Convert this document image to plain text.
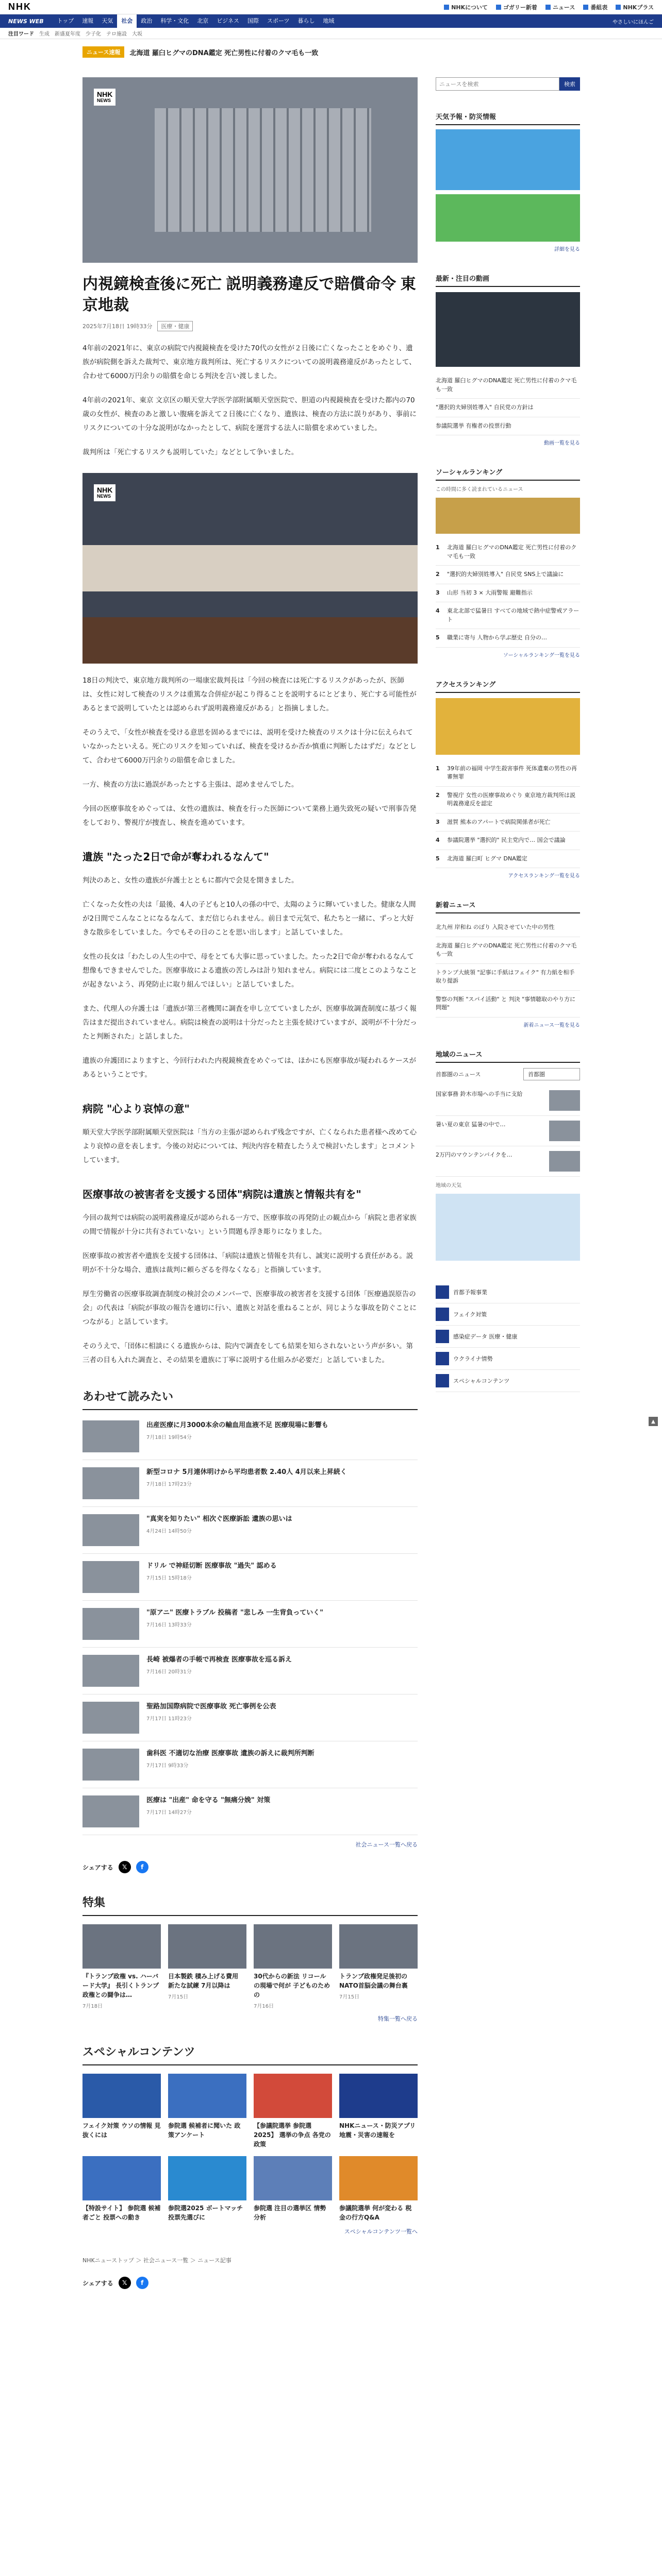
NHK	NHKについて	ゴガリー新着	ニュース	番組表	NHKプラス
NEWS WEB	トップ	速報	天気	社会	政治	科学・文化	北京	ビジネス	国際	スポーツ	暮らし	地域	やさしいにほんご
注目ワード 生成 新盛夏年度 少子化 テロ施設 大坂
ニュース速報	北海道 羅臼ヒグマのDNA鑑定 死亡男性に付着のクマ毛も一致
NHK
NEWS
内視鏡検査後に死亡 説明義務違反で賠償命令 東京地裁
2025年7月18日 19時33分	医療・健康

4年前の2021年に、東京の病院で内視鏡検査を受けた70代の女性が２日後に亡くなったことをめぐり、遺族が病院側を訴えた裁判で、東京地方裁判所は、死亡するリスクについての説明義務違反があったとして、合わせて6000万円余りの賠償を命じる判決を言い渡しました。

4年前の2021年、東京 文京区の順天堂大学医学部附属順天堂医院で、胆道の内視鏡検査を受けた都内の70歳の女性が、検査のあと激しい腹痛を訴えて２日後に亡くなり、遺族は、検査の方法に誤りがあり、事前にリスクについての十分な説明がなかったとして、病院を運営する法人に賠償を求めていました。

裁判所は「死亡するリスクも説明していた」などとして争いました。

NHK
NEWS

18日の判決で、東京地方裁判所の一場康宏裁判長は「今回の検査には死亡するリスクがあったが、医師は、女性に対して検査のリスクは重篤な合併症が起こり得ることを説明するにとどまり、死亡する可能性があるとまで説明していたとは認められず説明義務違反がある」と指摘しました。

そのうえで、「女性が検査を受ける意思を固めるまでには、説明を受けた検査のリスクは十分に伝えられていなかったといえる。死亡のリスクを知っていれば、検査を受けるか否か慎重に判断したはずだ」などとして、合わせて6000万円余りの賠償を命じました。

一方、検査の方法に過誤があったとする主張は、認めませんでした。

今回の医療事故をめぐっては、女性の遺族は、検査を行った医師について業務上過失致死の疑いで刑事告発をしており、警視庁が捜査し、検査を進めています。

遺族 "たった2日で命が奪われるなんて"

判決のあと、女性の遺族が弁護士とともに都内で会見を開きました。

亡くなった女性の夫は「最後、4人の子どもと10人の孫の中で、太陽のように輝いていました。健康な人間が2日間でこんなことになるなんて、まだ信じられません。前日まで元気で、私たちと一緒に、ずっと大好きな散歩をしていました。今でもその日のことを思い出します」と話していました。

女性の長女は「わたしの人生の中で、母をとても大事に思っていました。たった2日で命が奪われるなんて想像もできませんでした。医療事故による遺族の苦しみは計り知れません。病院には二度とこのようなことが起きないよう、再発防止に取り組んでほしい」と話していました。

また、代理人の弁護士は「遺族が第三者機関に調査を申し立てていましたが、医療事故調査制度に基づく報告はまだ提出されていません。病院は検査の説明は十分だったと主張を続けていますが、説明が不十分だったと判断された」と話しました。

遺族の弁護団によりますと、今回行われた内視鏡検査をめぐっては、ほかにも医療事故が疑われるケースがあるということです。

病院 "心より哀悼の意"

順天堂大学医学部附属順天堂医院は「当方の主張が認められず残念ですが、亡くなられた患者様へ改めて心より哀悼の意を表します。今後の対応については、判決内容を精査したうえで検討いたします」とコメントしています。

医療事故の被害者を支援する団体"病院は遺族と情報共有を"

今回の裁判では病院の説明義務違反が認められる一方で、医療事故の再発防止の観点から「病院と患者家族の間で情報が十分に共有されていない」という問題も浮き彫りになりました。

医療事故の被害者や遺族を支援する団体は、「病院は遺族と情報を共有し、誠実に説明する責任がある。説明が不十分な場合、遺族は裁判に頼らざるを得なくなる」と指摘しています。

厚生労働省の医療事故調査制度の検討会のメンバーで、医療事故の被害者を支援する団体「医療過誤原告の会」の代表は「病院が事故の報告を適切に行い、遺族と対話を重ねることが、同じような事故を防ぐことにつながる」と話しています。

そのうえで、「団体に相談にくる遺族からは、院内で調査をしても結果を知らされないという声が多い。第三者の目も入れた調査と、その結果を遺族に丁寧に説明する仕組みが必要だ」と話していました。

あわせて読みたい
出産医療に月3000本余の輸血用血液不足 医療現場に影響も
7月18日 19時54分
新型コロナ 5月連休明けから平均患者数 2.40人 4月以来上昇続く
7月18日 17時23分
"真実を知りたい" 相次ぐ医療訴訟 遺族の思いは
4月24日 14時50分
ドリル で神経切断 医療事故 "過失" 認める
7月15日 15時18分
"原アニ" 医療トラブル 投稿者 "悲しみ 一生背負っていく"
7月16日 13時33分
長崎 被爆者の手帳で再検査 医療事故を巡る訴え
7月16日 20時31分
聖路加国際病院で医療事故 死亡事例を公表
7月17日 11時23分
歯科医 不適切な治療 医療事故 遺族の訴えに裁判所判断
7月17日 9時33分
医療は "出産" 命を守る "無痛分娩" 対策
7月17日 14時27分
社会ニュース一覧へ戻る
シェアする	𝕏	f
特集
『トランプ政権 vs. ハーバード大学』 長引くトランプ政権との闘争は…
7月18日
日本製鉄 積み上げる費用 新たな試練 7月以降は
7月15日
30代からの新法 リコールの現場で何が 子どものための
7月16日
トランプ政権発足後初のNATO首脳会議の舞台裏
7月15日
特集一覧へ戻る
スペシャルコンテンツ
フェイク対策 ウソの情報 見抜くには
参院選 候補者に聞いた 政策アンケート
【参議院選挙 参院選2025】 選挙の争点 各党の政策
NHKニュース・防災アプリ 地震・災害の速報を
【特設サイト】 参院選 候補者ごと 投票への動き
参院選2025 ボートマッチ 投票先選びに
参院選 注目の選挙区 情勢 分析
参議院選挙 何が変わる 税金の行方Q&A
スペシャルコンテンツ一覧へ
NHKニューストップ ＞ 社会ニュース一覧 ＞ ニュース記事
シェアする	𝕏	f
ニュースを検索
検索
天気予報・防災情報
詳細を見る
最新・注目の動画
北海道 羅臼ヒグマのDNA鑑定 死亡男性に付着のクマ毛も一致
"選択的夫婦別姓導入" 自民党の方針は
参議院選挙 有権者の投票行動
動画一覧を見る
ソーシャルランキング
この時間に多く読まれているニュース
1	北海道 羅臼ヒグマのDNA鑑定 死亡男性に付着のクマ毛も一致
2	"選択的夫婦別姓導入" 自民党 SNS上で議論に
3	山形 当初 3 × 大雨警報 避難指示
4	東北北部で猛暑日 すべての地域で熱中症警戒アラート
5	職業に寄与 人物から学ぶ歴史 自分の…
ソーシャルランキング一覧を見る
アクセスランキング
1	39年前の福岡 中学生殺害事件 死体遺棄の男性の再審無罪
2	警視庁 女性の医療事故めぐり 東京地方裁判所は説明義務違反を認定
3	滋賀 熊本のアパートで病院関係者が死亡
4	参議院選挙 "選択的" 民主党内で… 国会で議論
5	北海道 羅臼町 ヒグマ DNA鑑定
アクセスランキング一覧を見る
新着ニュース
北九州 岸和ね のぼり 入院させていた中の男性
北海道 羅臼ヒグマのDNA鑑定 死亡男性に付着のクマ毛も一致
トランプ大統領 "記事に手紙はフェイク" 有力紙を相手取り提訴
警察の判断 "スパイ活動" と 判決 "事情聴取のやり方に問題"
新着ニュース一覧を見る
地域のニュース
首都圏のニュース	首都圏
国家事務 鈴木市場への手当に支給
暑い夏の東京 猛暑の中で…
2万円のマウンテンバイクを…
地域の天気
首都予報事業
フェイク対策
感染症データ 医療・健康
ウクライナ情勢
スペシャルコンテンツ
▲
